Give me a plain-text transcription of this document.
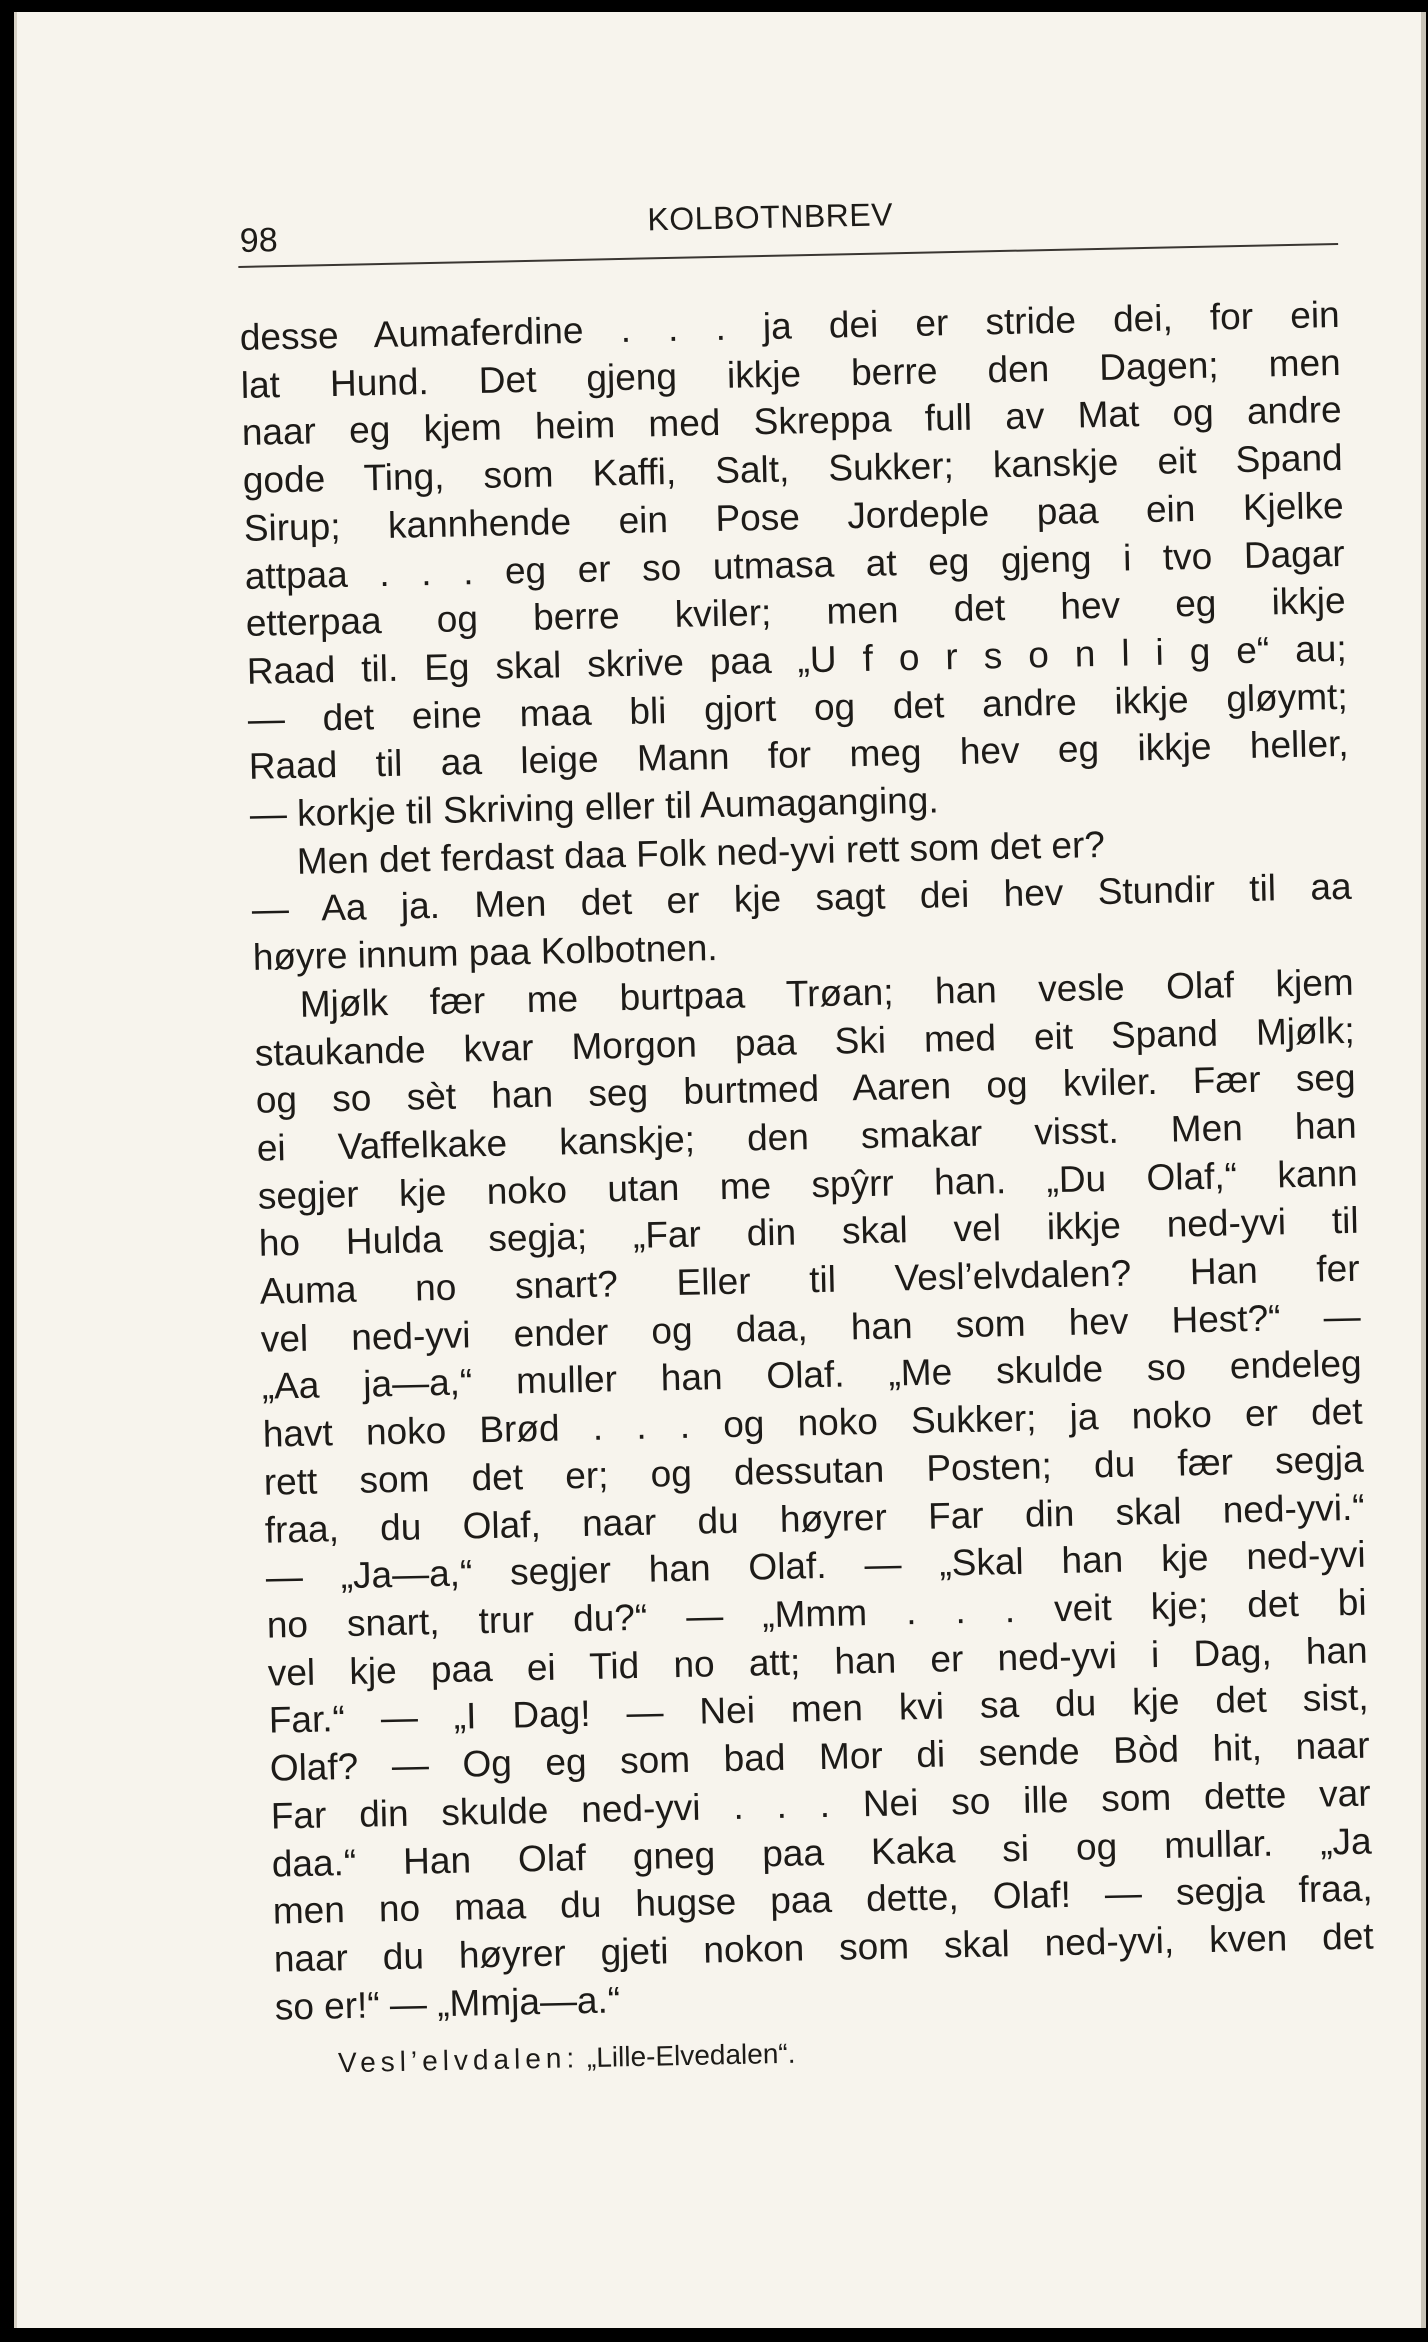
98
KOLBOTNBREV
desse Aumaferdine . . . ja dei er stride dei, for ein
lat Hund. Det gjeng ikkje berre den Dagen; men
naar eg kjem heim med Skreppa full av Mat og andre
gode Ting, som Kaffi, Salt, Sukker; kanskje eit Spand
Sirup; kannhende ein Pose Jordeple paa ein Kjelke
attpaa . . . eg er so utmasa at eg gjeng i tvo Dagar
etterpaa og berre kviler; men det hev eg ikkje
Raad til. Eg skal skrive paa „U f o r s o n l i g e“ au;
— det eine maa bli gjort og det andre ikkje gløymt;
Raad til aa leige Mann for meg hev eg ikkje heller,
— korkje til Skriving eller til Aumaganging.
Men det ferdast daa Folk ned-yvi rett som det er?
— Aa ja. Men det er kje sagt dei hev Stundir til aa
høyre innum paa Kolbotnen.
Mjølk fær me burtpaa Trøan; han vesle Olaf kjem
staukande kvar Morgon paa Ski med eit Spand Mjølk;
og so sèt han seg burtmed Aaren og kviler. Fær seg
ei Vaffelkake kanskje; den smakar visst. Men han
segjer kje noko utan me spŷrr han. „Du Olaf,“ kann
ho Hulda segja; „Far din skal vel ikkje ned-yvi til
Auma no snart? Eller til Vesl’elvdalen? Han fer
vel ned-yvi ender og daa, han som hev Hest?“ —
„Aa ja—a,“ muller han Olaf. „Me skulde so endeleg
havt noko Brød . . . og noko Sukker; ja noko er det
rett som det er; og dessutan Posten; du fær segja
fraa, du Olaf, naar du høyrer Far din skal ned-yvi.“
— „Ja—a,“ segjer han Olaf. — „Skal han kje ned-yvi
no snart, trur du?“ — „Mmm . . . veit kje; det bi
vel kje paa ei Tid no att; han er ned-yvi i Dag, han
Far.“ — „I Dag! — Nei men kvi sa du kje det sist,
Olaf? — Og eg som bad Mor di sende Bòd hit, naar
Far din skulde ned-yvi . . . Nei so ille som dette var
daa.“ Han Olaf gneg paa Kaka si og mullar. „Ja
men no maa du hugse paa dette, Olaf! — segja fraa,
naar du høyrer gjeti nokon som skal ned-yvi, kven det
so er!“ — „Mmja—a.“
Vesl’elvdalen: „Lille-Elvedalen“.
